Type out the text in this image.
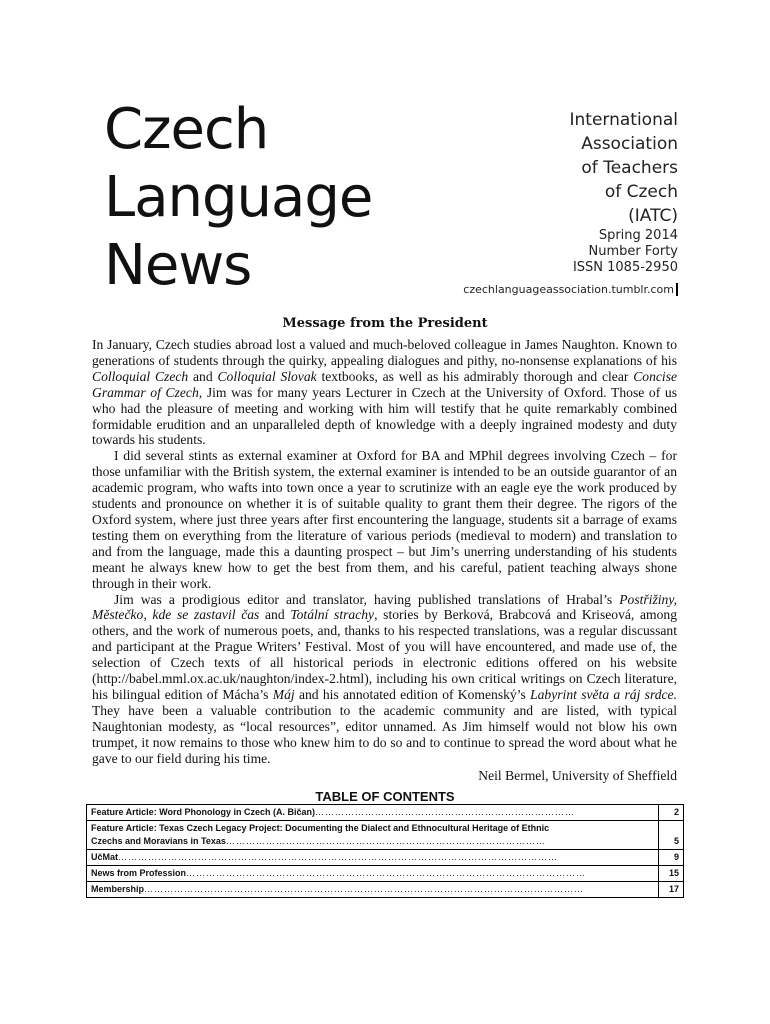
Czech
Language
News
International
Association
of Teachers
of Czech
(IATC)
Spring 2014
Number Forty
ISSN 1085-2950
czechlanguageassociation.tumblr.com
Message from the President

In January, Czech studies abroad lost a valued and much-beloved colleague in James Naughton. Known to generations of students through the quirky, appealing dialogues and pithy, no-nonsense explanations of his Colloquial Czech and Colloquial Slovak textbooks, as well as his admirably thorough and clear Concise Grammar of Czech, Jim was for many years Lecturer in Czech at the University of Oxford. Those of us who had the pleasure of meeting and working with him will testify that he quite remarkably combined formidable erudition and an unparalleled depth of knowledge with a deeply ingrained modesty and duty towards his students.

I did several stints as external examiner at Oxford for BA and MPhil degrees involving Czech – for those unfamiliar with the British system, the external examiner is intended to be an outside guarantor of an academic program, who wafts into town once a year to scrutinize with an eagle eye the work produced by students and pronounce on whether it is of suitable quality to grant them their degree. The rigors of the Oxford system, where just three years after first encountering the language, students sit a barrage of exams testing them on everything from the literature of various periods (medieval to modern) and translation to and from the language, made this a daunting prospect – but Jim’s unerring understanding of his students meant he always knew how to get the best from them, and his careful, patient teaching always shone through in their work.

Jim was a prodigious editor and translator, having published translations of Hrabal’s Postřižiny, Městečko, kde se zastavil čas and Totální strachy, stories by Berková, Brabcová and Kriseová, among others, and the work of numerous poets, and, thanks to his respected translations, was a regular discussant and participant at the Prague Writers’ Festival. Most of you will have encountered, and made use of, the selection of Czech texts of all historical periods in electronic editions offered on his website (http://babel.mml.ox.ac.uk/naughton/index-2.html), including his own critical writings on Czech literature, his bilingual edition of Mácha’s Máj and his annotated edition of Komenský’s Labyrint světa a ráj srdce. They have been a valuable contribution to the academic community and are listed, with typical Naughtonian modesty, as “local resources”, editor unnamed. As Jim himself would not blow his own trumpet, it now remains to those who knew him to do so and to continue to spread the word about what he gave to our field during his time.

Neil Bermel, University of Sheffield
TABLE OF CONTENTS
Feature Article: Word Phonology in Czech (A. Bičan)……………………………………………………………………	2
Feature Article: Texas Czech Legacy Project: Documenting the Dialect and Ethnocultural Heritage of Ethnic
Czechs and Moravians in Texas……………………………………………………………………………………	5
UčMat……………………………………………………………………………………………………………………	9
News from Profession…………………………………………………………………………………………………………	15
Membership……………………………………………………………………………………………………………………	17
